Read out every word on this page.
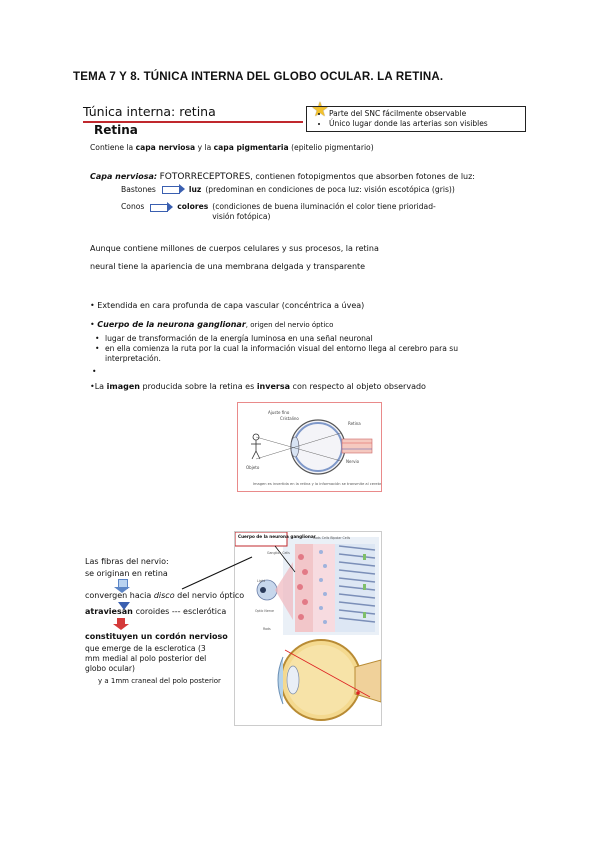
TEMA 7 Y 8. TÚNICA INTERNA DEL GLOBO OCULAR. LA RETINA.
Túnica interna: retina
Retina
★
• Parte del SNC fácilmente observable
• Único lugar donde las arterias son visibles
Contiene la capa nerviosa y la capa pigmentaria (epitelio pigmentario)
Capa nerviosa: FOTORRECEPTORES, contienen fotopigmentos que absorben fotones de luz:
Bastones	luz (predominan en condiciones de poca luz: visión escotópica (gris))
Conos	colores (condiciones de buena iluminación el color tiene prioridad-visión fotópica)
Aunque contiene millones de cuerpos celulares y sus procesos, la retina
neural tiene la apariencia de una membrana delgada y transparente
• Extendida en cara profunda de capa vascular (concéntrica a úvea)
• Cuerpo de la neurona ganglionar, origen del nervio óptico
• lugar de transformación de la energía luminosa en una señal neuronal
• en ella comienza la ruta por la cual la información visual del entorno llega al cerebro para su interpretación.
•
•La imagen producida sobre la retina es inversa con respecto al objeto observado
Ajuste fino
Cristalino
Retina
Nervio
Objeto
Imagen es invertida en la retina y la información se transmite al cerebro
Cuerpo de la neurona ganglionar
Rods Cells Bipolar Cells
Ganglion Cells
Light
Optic Nerve
Rods
Las fibras del nervio:
se originan en retina
convergen hacia disco del nervio óptico
atraviesan coroides --- esclerótica
constituyen un cordón nervioso
que emerge de la esclerotica (3
mm medial al polo posterior del
globo ocular)
y a 1mm craneal del polo posterior
